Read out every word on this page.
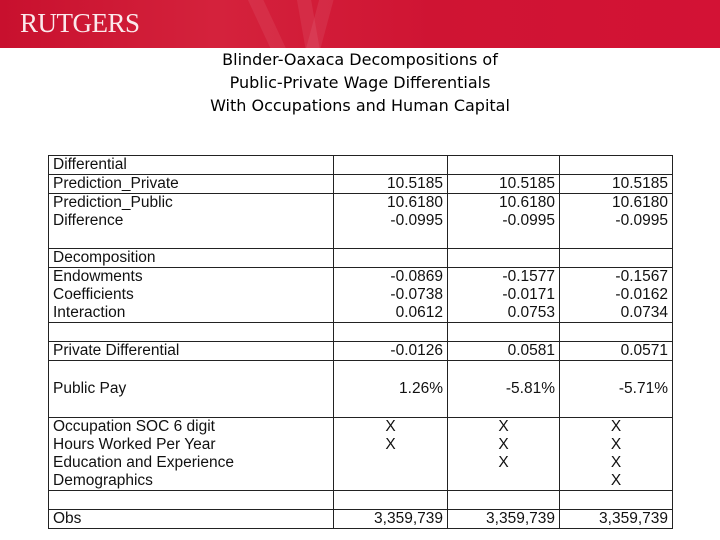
RUTGERS
Blinder-Oaxaca Decompositions of
Public-Private Wage Differentials
With Occupations and Human Capital
Differential			
Prediction_Private	10.5185	10.5185	10.5185
Prediction_Public	10.6180	10.6180	10.6180
Difference	-0.0995	-0.0995	-0.0995

Decomposition			
Endowments	-0.0869	-0.1577	-0.1567
Coefficients	-0.0738	-0.0171	-0.0162
Interaction	0.0612	0.0753	0.0734

Private Differential	-0.0126	0.0581	0.0571
Public Pay	1.26%	-5.81%	-5.71%
Occupation SOC 6 digit	X	X	X
Hours Worked Per Year	X	X	X
Education and Experience		X	X
Demographics			X

Obs	3,359,739	3,359,739	3,359,739
